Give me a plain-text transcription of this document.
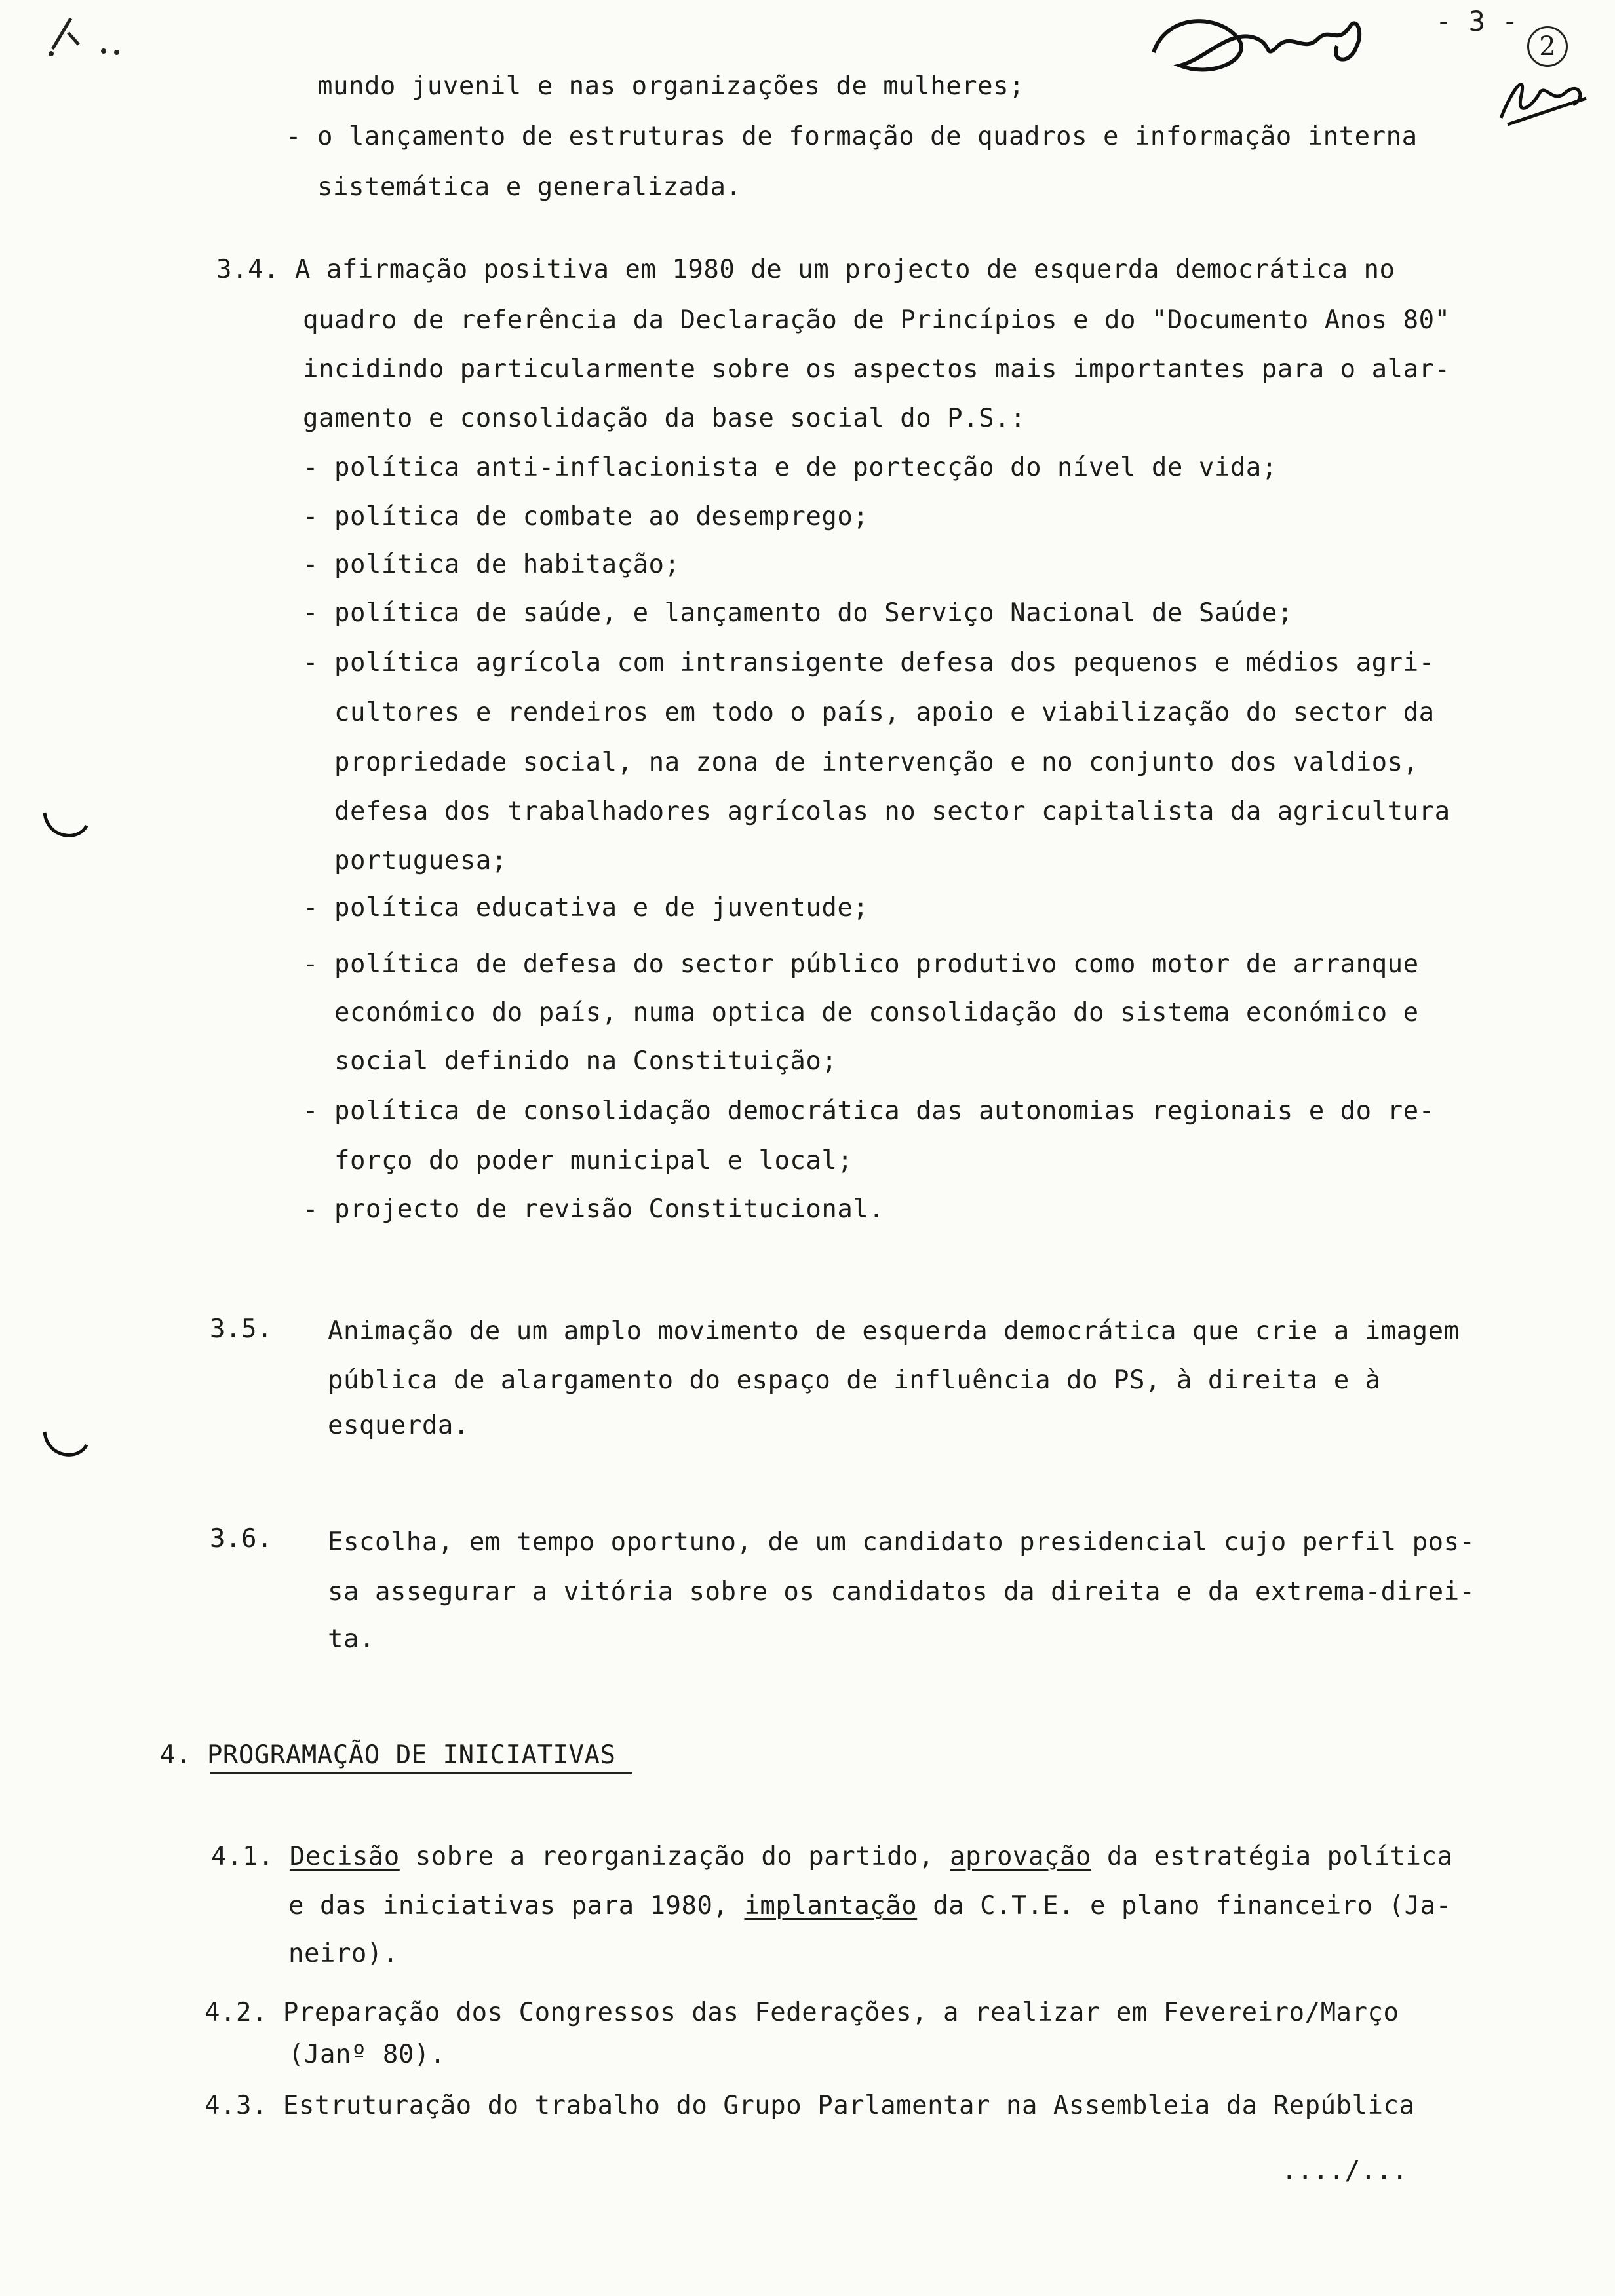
- 3 -
2
mundo juvenil e nas organizações de mulheres;
- o lançamento de estruturas de formação de quadros e informação interna
sistemática e generalizada.
3.4. A afirmação positiva em 1980 de um projecto de esquerda democrática no
quadro de referência da Declaração de Princípios e do "Documento Anos 80"
incidindo particularmente sobre os aspectos mais importantes para o alar-
gamento e consolidação da base social do P.S.:
- política anti-inflacionista e de portecção do nível de vida;
- política de combate ao desemprego;
- política de habitação;
- política de saúde, e lançamento do Serviço Nacional de Saúde;
- política agrícola com intransigente defesa dos pequenos e médios agri-
cultores e rendeiros em todo o país, apoio e viabilização do sector da
propriedade social, na zona de intervenção e no conjunto dos valdios,
defesa dos trabalhadores agrícolas no sector capitalista da agricultura
portuguesa;
- política educativa e de juventude;
- política de defesa do sector público produtivo como motor de arranque
económico do país, numa optica de consolidação do sistema económico e
social definido na Constituição;
- política de consolidação democrática das autonomias regionais e do re-
forço do poder municipal e local;
- projecto de revisão Constitucional.
3.5. Animação de um amplo movimento de esquerda democrática que crie a imagem
pública de alargamento do espaço de influência do PS, à direita e à
esquerda.
3.6. Escolha, em tempo oportuno, de um candidato presidencial cujo perfil pos-
sa assegurar a vitória sobre os candidatos da direita e da extrema-direi-
ta.
4. PROGRAMAÇÃO DE INICIATIVAS
4.1. Decisão sobre a reorganização do partido, aprovação da estratégia política
e das iniciativas para 1980, implantação da C.T.E. e plano financeiro (Ja-
neiro).
4.2. Preparação dos Congressos das Federações, a realizar em Fevereiro/Março
(Janº 80).
4.3. Estruturação do trabalho do Grupo Parlamentar na Assembleia da República
..../...
